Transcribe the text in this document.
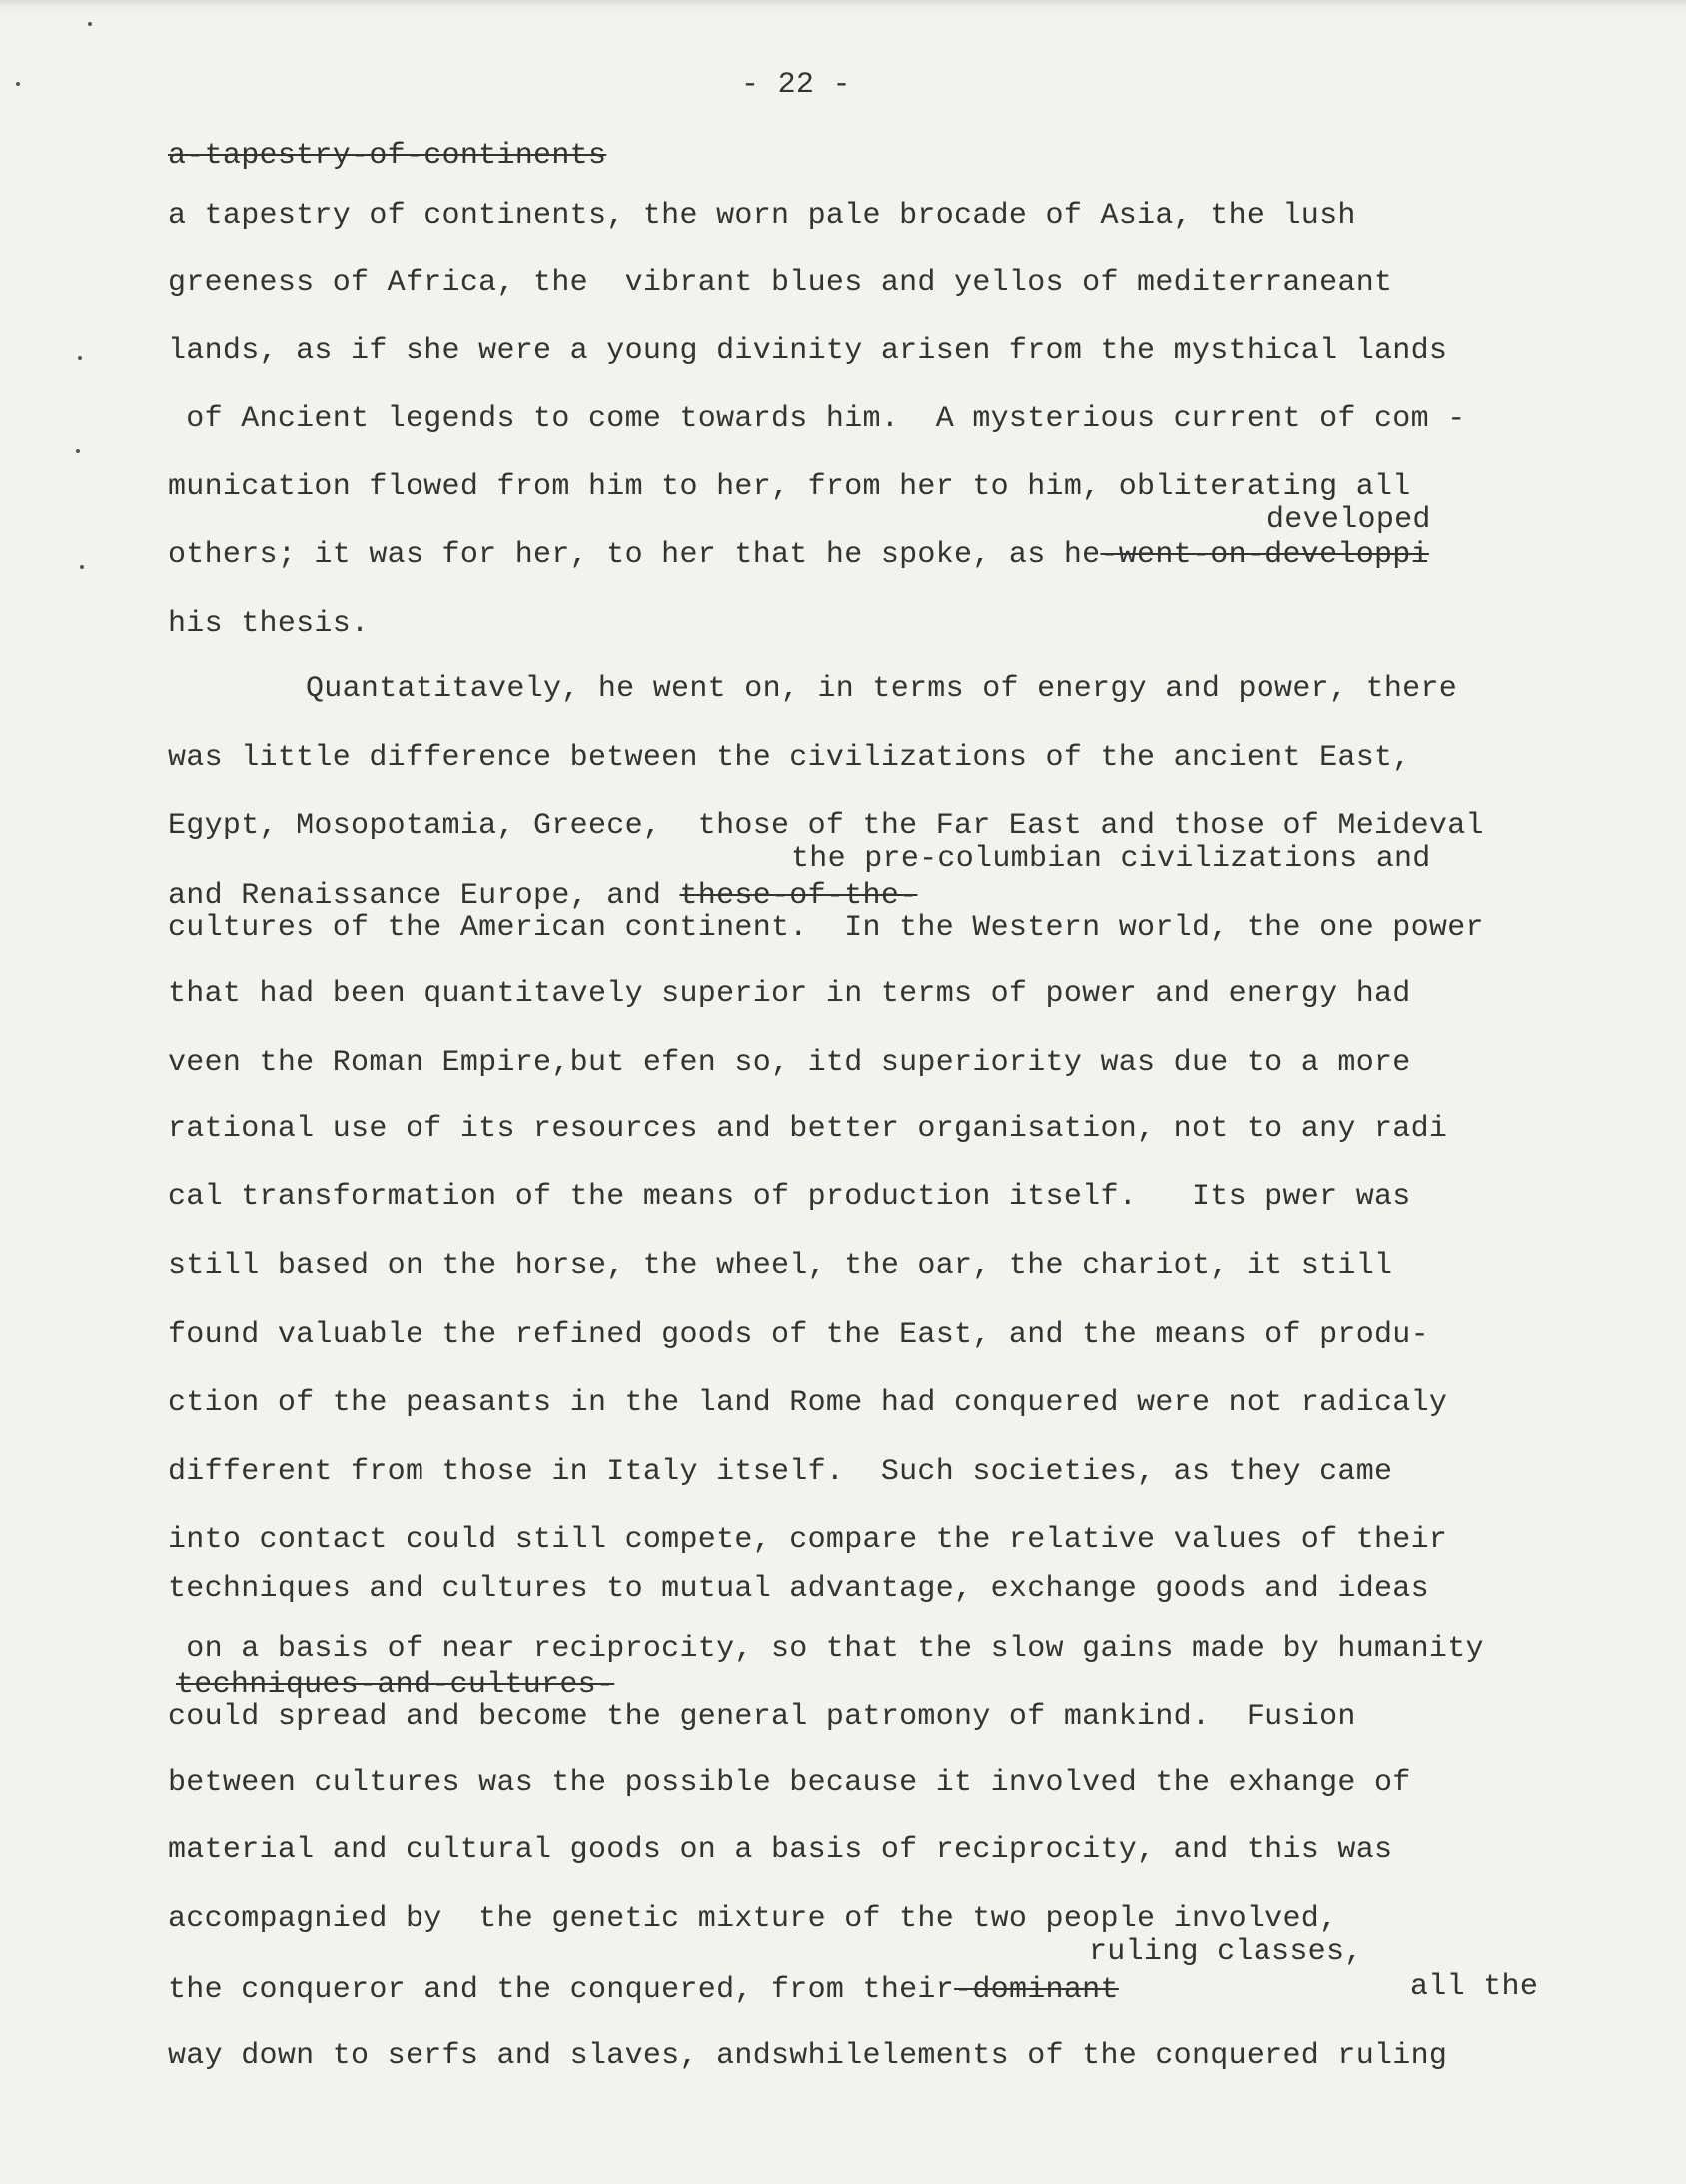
- 22 -
a-tapestry-of-continents
a tapestry of continents, the worn pale brocade of Asia, the lush
greeness of Africa, the  vibrant blues and yellos of mediterraneant
lands, as if she were a young divinity arisen from the mysthical lands
of Ancient legends to come towards him.  A mysterious current of com -
munication flowed from him to her, from her to him, obliterating all
developed
others; it was for her, to her that he spoke, as he-went-on-developpi
his thesis.
Quantatitavely, he went on, in terms of energy and power, there
was little difference between the civilizations of the ancient East,
Egypt, Mosopotamia, Greece,  those of the Far East and those of Meideval
the pre-columbian civilizations and
and Renaissance Europe, and these-of-the-
cultures of the American continent.  In the Western world, the one power
that had been quantitavely superior in terms of power and energy had
veen the Roman Empire,but efen so, itd superiority was due to a more
rational use of its resources and better organisation, not to any radi
cal transformation of the means of production itself.   Its pwer was
still based on the horse, the wheel, the oar, the chariot, it still
found valuable the refined goods of the East, and the means of produ-
ction of the peasants in the land Rome had conquered were not radicaly
different from those in Italy itself.  Such societies, as they came
into contact could still compete, compare the relative values of their
techniques and cultures to mutual advantage, exchange goods and ideas
on a basis of near reciprocity, so that the slow gains made by humanity
techniques-and-cultures-
could spread and become the general patromony of mankind.  Fusion
between cultures was the possible because it involved the exhange of
material and cultural goods on a basis of reciprocity, and this was
accompagnied by  the genetic mixture of the two people involved,
ruling classes,
the conqueror and the conquered, from their-dominant	all the
way down to serfs and slaves, andswhilelements of the conquered ruling
